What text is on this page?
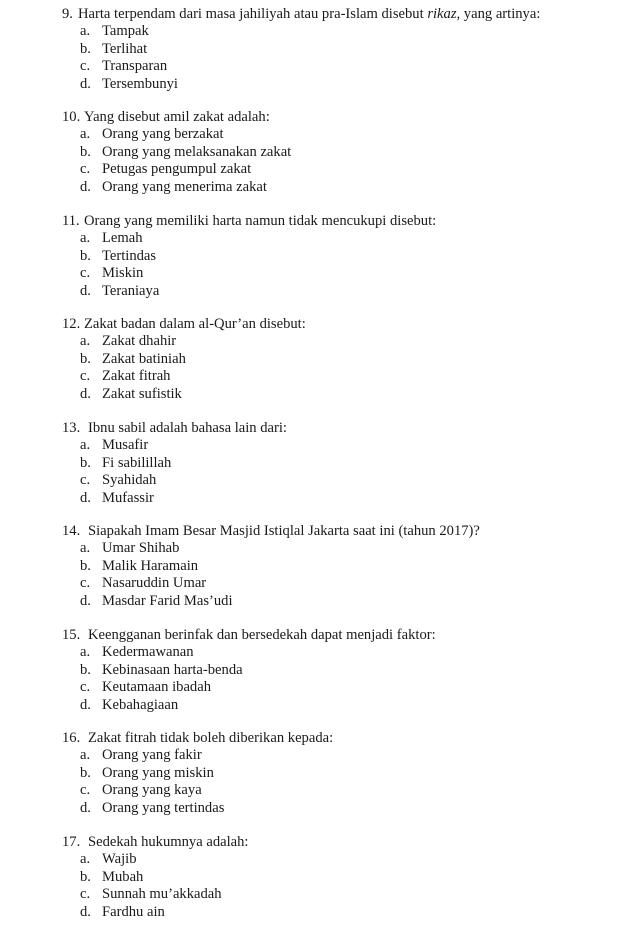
9. Harta terpendam dari masa jahiliyah atau pra-Islam disebut rikaz, yang artinya:
a. Tampak
b. Terlihat
c. Transparan
d. Tersembunyi
10. Yang disebut amil zakat adalah:
a. Orang yang berzakat
b. Orang yang melaksanakan zakat
c. Petugas pengumpul zakat
d. Orang yang menerima zakat
11. Orang yang memiliki harta namun tidak mencukupi disebut:
a. Lemah
b. Tertindas
c. Miskin
d. Teraniaya
12. Zakat badan dalam al-Qur’an disebut:
a. Zakat dhahir
b. Zakat batiniah
c. Zakat fitrah
d. Zakat sufistik
13. Ibnu sabil adalah bahasa lain dari:
a. Musafir
b. Fi sabilillah
c. Syahidah
d. Mufassir
14. Siapakah Imam Besar Masjid Istiqlal Jakarta saat ini (tahun 2017)?
a. Umar Shihab
b. Malik Haramain
c. Nasaruddin Umar
d. Masdar Farid Mas’udi
15. Keengganan berinfak dan bersedekah dapat menjadi faktor:
a. Kedermawanan
b. Kebinasaan harta-benda
c. Keutamaan ibadah
d. Kebahagiaan
16. Zakat fitrah tidak boleh diberikan kepada:
a. Orang yang fakir
b. Orang yang miskin
c. Orang yang kaya
d. Orang yang tertindas
17. Sedekah hukumnya adalah:
a. Wajib
b. Mubah
c. Sunnah mu’akkadah
d. Fardhu ain
